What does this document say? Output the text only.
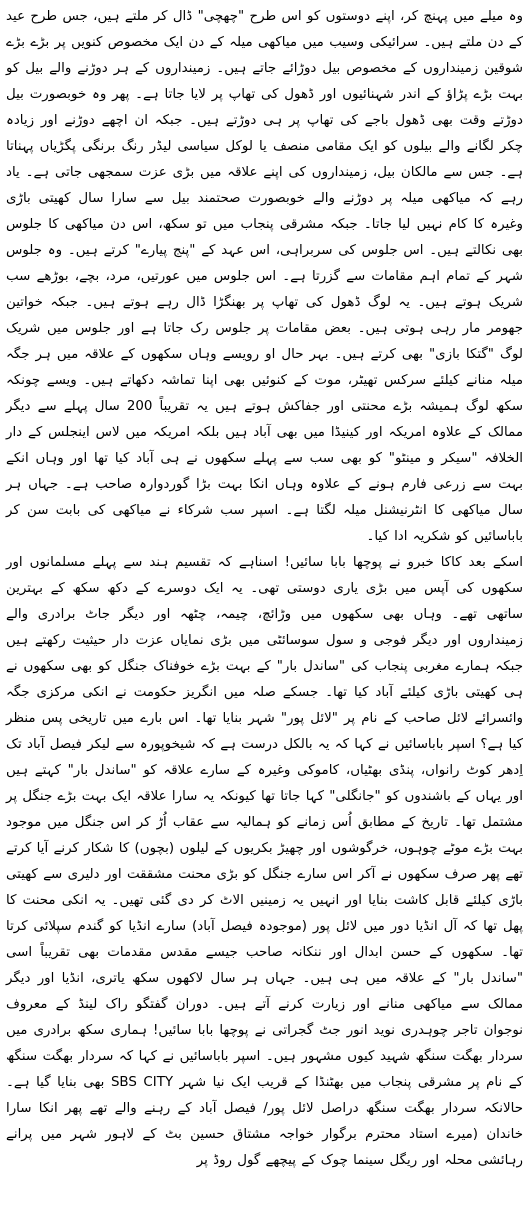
وہ میلے میں پہنچ کر، اپنے دوستوں کو اس طرح "چھچی" ڈال کر ملتے ہیں، جس طرح عید کے دن ملتے ہیں۔ سرائیکی وسیب میں میاکھی میلہ کے دن ایک مخصوص کنویں پر بڑے بڑے شوقین زمینداروں کے مخصوص بیل دوڑائے جاتے ہیں۔ زمینداروں کے ہر دوڑنے والے بیل کو بہت بڑے پڑاؤ کے اندر شہنائیوں اور ڈھول کی تھاپ پر لایا جاتا ہے۔ پھر وہ خوبصورت بیل دوڑتے وقت بھی ڈھول باجے کی تھاپ پر ہی دوڑتے ہیں۔ جبکہ ان اچھے دوڑنے اور زیادہ چکر لگانے والے بیلوں کو ایک مقامی منصف یا لوکل سیاسی لیڈر رنگ برنگی پگڑیاں پہناتا ہے۔ جس سے مالکان بیل، زمینداروں کی اپنے علاقہ میں بڑی عزت سمجھی جاتی ہے۔ یاد رہے کہ میاکھی میلہ پر دوڑنے والے خوبصورت صحتمند بیل سے سارا سال کھیتی باڑی وغیرہ کا کام نہیں لیا جاتا۔ جبکہ مشرقی پنجاب میں تو سکھ، اس دن میاکھی کا جلوس بھی نکالتے ہیں۔ اس جلوس کی سربراہی، اس عہد کے "پنج پیارے" کرتے ہیں۔ وہ جلوس شہر کے تمام اہم مقامات سے گزرتا ہے۔ اس جلوس میں عورتیں، مرد، بچے، بوڑھے سب شریک ہوتے ہیں۔ یہ لوگ ڈھول کی تھاپ پر بھنگڑا ڈال رہے ہوتے ہیں۔ جبکہ خواتین جھومر مار رہی ہوتی ہیں۔ بعض مقامات پر جلوس رک جاتا ہے اور جلوس میں شریک لوگ "گتکا بازی" بھی کرتے ہیں۔ بہر حال او رویسے وہاں سکھوں کے علاقہ میں ہر جگہ میلہ منانے کیلئے سرکس تھیٹر، موت کے کنوئیں بھی اپنا تماشہ دکھاتے ہیں۔ ویسے چونکہ سکھ لوگ ہمیشہ بڑے محنتی اور جفاکش ہوتے ہیں یہ تقریباً 200 سال پہلے سے دیگر ممالک کے علاوہ امریکہ اور کینیڈا میں بھی آباد ہیں بلکہ امریکہ میں لاس اینجلس کے دار الخلافہ "سیکر و مینٹو" کو بھی سب سے پہلے سکھوں نے ہی آباد کیا تھا اور وہاں انکے بہت سے زرعی فارم ہونے کے علاوہ وہاں انکا بہت بڑا گوردوارہ صاحب ہے۔ جہاں ہر سال میاکھی کا انٹرنیشنل میلہ لگتا ہے۔ اسپر سب شرکاء نے میاکھی کی بابت سن کر باباسائیں کو شکریہ ادا کیا۔

اسکے بعد کاکا خبرو نے پوچھا بابا سائیں! اسناہے کہ تقسیم ہند سے پہلے مسلمانوں اور سکھوں کی آپس میں بڑی یاری دوستی تھی۔ یہ ایک دوسرے کے دکھ سکھ کے بہترین ساتھی تھے۔ وہاں بھی سکھوں میں وڑائچ، چیمہ، چٹھہ اور دیگر جاٹ برادری والے زمینداروں اور دیگر فوجی و سول سوسائٹی میں بڑی نمایاں عزت دار حیثیت رکھتے ہیں جبکہ ہمارے مغربی پنجاب کی "ساندل بار" کے بہت بڑے خوفناک جنگل کو بھی سکھوں نے ہی کھیتی باڑی کیلئے آباد کیا تھا۔ جسکے صلہ میں انگریز حکومت نے انکی مرکزی جگہ وائسرائے لائل صاحب کے نام پر "لائل پور" شہر بنایا تھا۔ اس بارے میں تاریخی پس منظر کیا ہے؟ اسپر باباسائیں نے کہا کہ یہ بالکل درست ہے کہ شیخوپورہ سے لیکر فیصل آباد تک اِدھر کوٹ رانواں، پنڈی بھٹیاں، کاموکی وغیرہ کے سارے علاقہ کو "ساندل بار" کہتے ہیں اور یہاں کے باشندوں کو "جانگلی" کہا جاتا تھا کیونکہ یہ سارا علاقہ ایک بہت بڑے جنگل پر مشتمل تھا۔ تاریخ کے مطابق اُس زمانے کو ہمالیہ سے عقاب اُڑ کر اس جنگل میں موجود بہت بڑے موٹے چوہوں، خرگوشوں اور چھیڑ بکریوں کے لیلوں (بچوں) کا شکار کرنے آیا کرتے تھے پھر صرف سکھوں نے آکر اس سارے جنگل کو بڑی محنت مشققت اور دلیری سے کھیتی باڑی کیلئے قابل کاشت بنایا اور انہیں یہ زمینیں الاٹ کر دی گئی تھیں۔ یہ انکی محنت کا پھل تھا کہ آل انڈیا دور میں لائل پور (موجودہ فیصل آباد) سارے انڈیا کو گندم سپلائی کرتا تھا۔ سکھوں کے حسن ابدال اور ننکانہ صاحب جیسے مقدس مقدمات بھی تقریباً اسی "ساندل بار" کے علاقہ میں ہی ہیں۔ جہاں ہر سال لاکھوں سکھ یاتری، انڈیا اور دیگر ممالک سے میاکھی منانے اور زیارت کرنے آتے ہیں۔ دوران گفتگو راک لینڈ کے معروف نوجوان تاجر چوہدری نوید انور جٹ گجراتی نے پوچھا بابا سائیں! ہماری سکھ برادری میں سردار بھگت سنگھ شہید کیوں مشہور ہیں۔ اسپر باباسائیں نے کہا کہ سردار بھگت سنگھ کے نام پر مشرقی پنجاب میں بھٹنڈا کے قریب ایک نیا شہر SBS CITY بھی بنایا گیا ہے۔ حالانکہ سردار بھگت سنگھ دراصل لائل پور/ فیصل آباد کے رہنے والے تھے پھر انکا سارا خاندان (میرے استاد محترم برگوار خواجہ مشتاق حسین بٹ کے لاہور شہر میں پرانے رہائشی محلہ اور ریگل سینما چوک کے پیچھے گول روڈ پر
